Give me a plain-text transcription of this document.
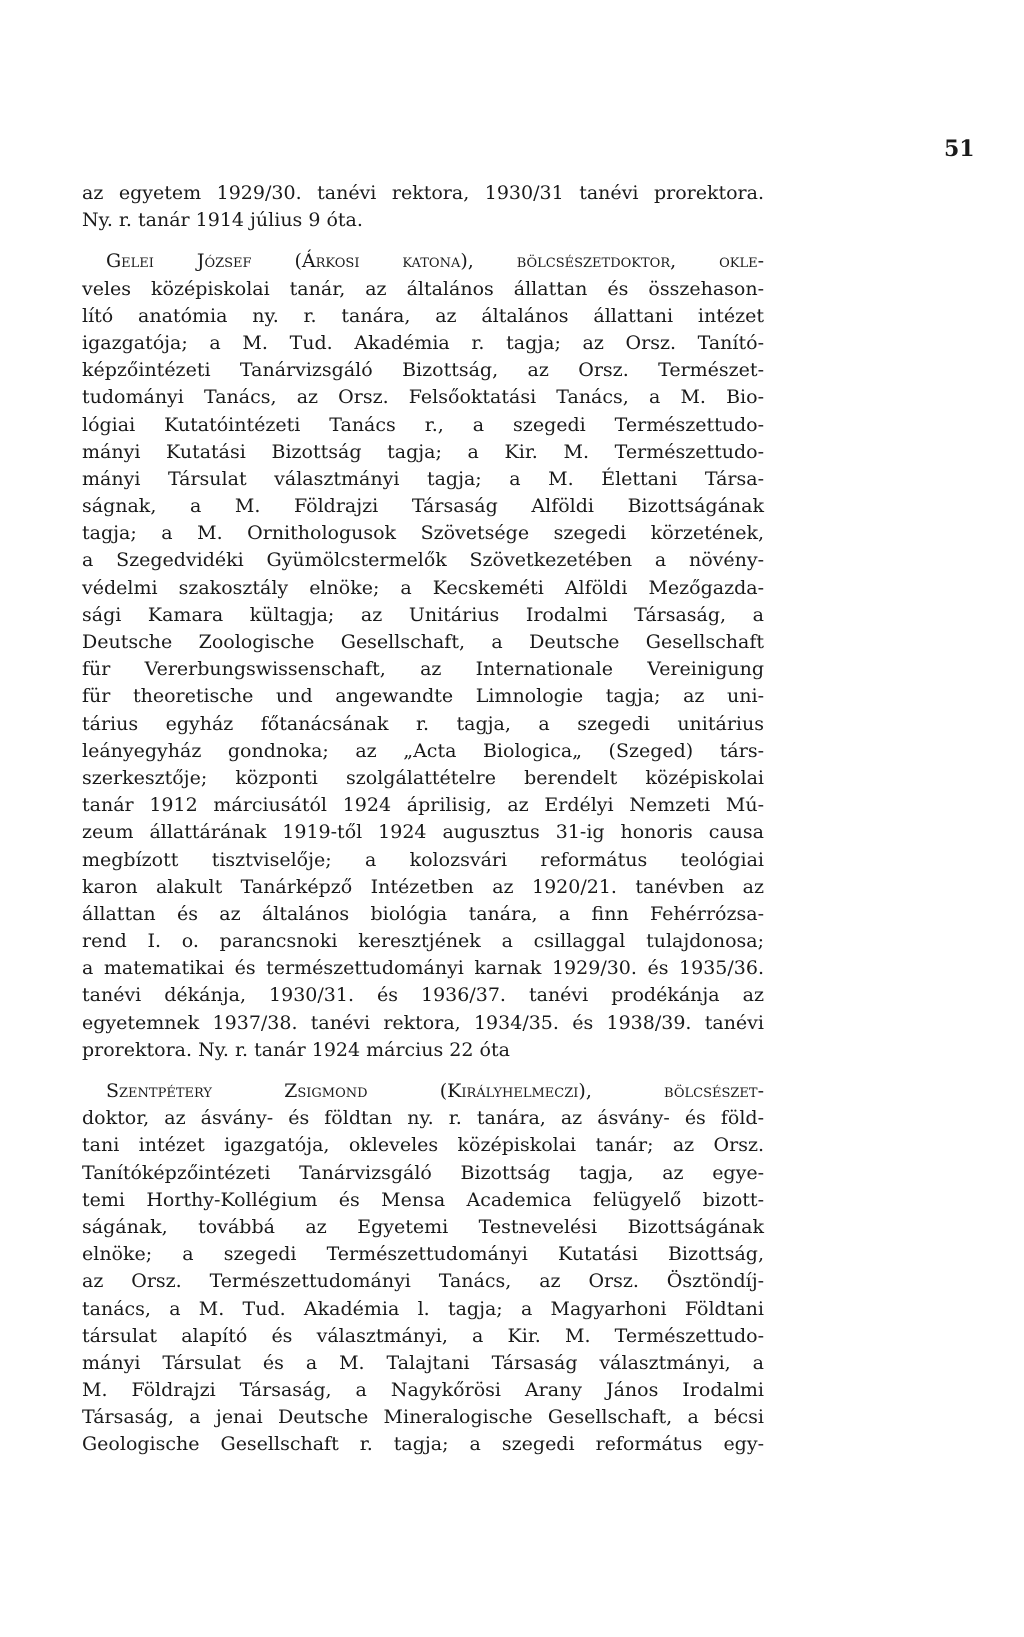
51
az egyetem 1929/30. tanévi rektora, 1930/31 tanévi prorektora.
Ny. r. tanár 1914 július 9 óta.
Gelei József (Árkosi katona), bölcsészetdoktor, okle-
veles középiskolai tanár, az általános állattan és összehason-
lító anatómia ny. r. tanára, az általános állattani intézet
igazgatója; a M. Tud. Akadémia r. tagja; az Orsz. Tanító-
képzőintézeti Tanárvizsgáló Bizottság, az Orsz. Természet-
tudományi Tanács, az Orsz. Felsőoktatási Tanács, a M. Bio-
lógiai Kutatóintézeti Tanács r., a szegedi Természettudo-
mányi Kutatási Bizottság tagja; a Kir. M. Természettudo-
mányi Társulat választmányi tagja; a M. Élettani Társa-
ságnak, a M. Földrajzi Társaság Alföldi Bizottságának
tagja; a M. Ornithologusok Szövetsége szegedi körzetének,
a Szegedvidéki Gyümölcstermelők Szövetkezetében a növény-
védelmi szakosztály elnöke; a Kecskeméti Alföldi Mezőgazda-
sági Kamara kültagja; az Unitárius Irodalmi Társaság, a
Deutsche Zoologische Gesellschaft, a Deutsche Gesellschaft
für Vererbungswissenschaft, az Internationale Vereinigung
für theoretische und angewandte Limnologie tagja; az uni-
tárius egyház főtanácsának r. tagja, a szegedi unitárius
leányegyház gondnoka; az „Acta Biologica„ (Szeged) társ-
szerkesztője; központi szolgálattételre berendelt középiskolai
tanár 1912 márciusától 1924 áprilisig, az Erdélyi Nemzeti Mú-
zeum állattárának 1919-től 1924 augusztus 31-ig honoris causa
megbízott tisztviselője; a kolozsvári református teológiai
karon alakult Tanárképző Intézetben az 1920/21. tanévben az
állattan és az általános biológia tanára, a finn Fehérrózsa-
rend I. o. parancsnoki keresztjének a csillaggal tulajdonosa;
a matematikai és természettudományi karnak 1929/30. és 1935/36.
tanévi dékánja, 1930/31. és 1936/37. tanévi prodékánja az
egyetemnek 1937/38. tanévi rektora, 1934/35. és 1938/39. tanévi
prorektora. Ny. r. tanár 1924 március 22 óta
Szentpétery Zsigmond (Királyhelmeczi), bölcsészet-
doktor, az ásvány- és földtan ny. r. tanára, az ásvány- és föld-
tani intézet igazgatója, okleveles középiskolai tanár; az Orsz.
Tanítóképzőintézeti Tanárvizsgáló Bizottság tagja, az egye-
temi Horthy-Kollégium és Mensa Academica felügyelő bizott-
ságának, továbbá az Egyetemi Testnevelési Bizottságának
elnöke; a szegedi Természettudományi Kutatási Bizottság,
az Orsz. Természettudományi Tanács, az Orsz. Ösztöndíj-
tanács, a M. Tud. Akadémia l. tagja; a Magyarhoni Földtani
társulat alapító és választmányi, a Kir. M. Természettudo-
mányi Társulat és a M. Talajtani Társaság választmányi, a
M. Földrajzi Társaság, a Nagykőrösi Arany János Irodalmi
Társaság, a jenai Deutsche Mineralogische Gesellschaft, a bécsi
Geologische Gesellschaft r. tagja; a szegedi református egy-
